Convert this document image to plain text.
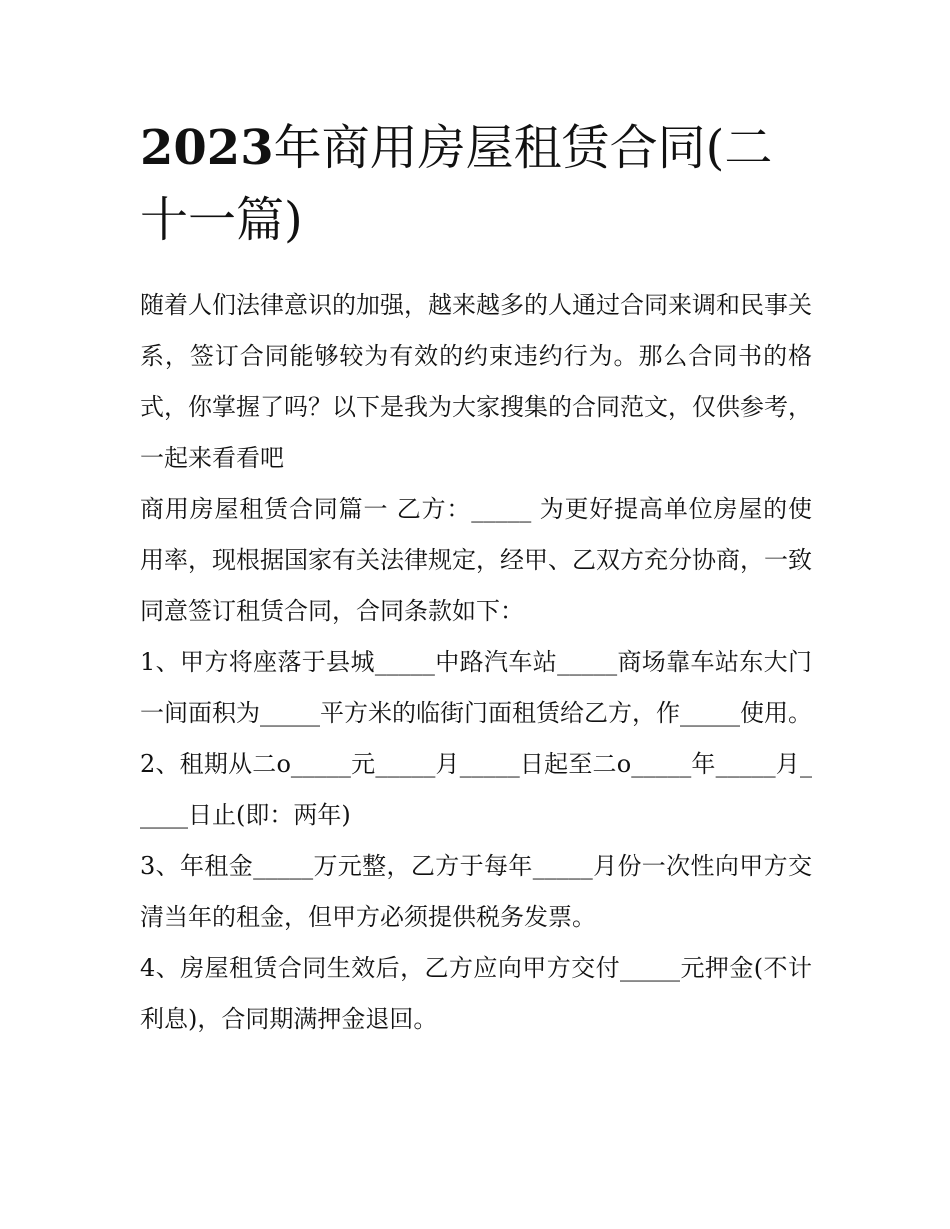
2023年商用房屋租赁合同(二十一篇)

随着人们法律意识的加强，越来越多的人通过合同来调和民事关系，签订合同能够较为有效的约束违约行为。那么合同书的格式，你掌握了吗？以下是我为大家搜集的合同范文，仅供参考，一起来看看吧

商用房屋租赁合同篇一 乙方：_____ 为更好提高单位房屋的使用率，现根据国家有关法律规定，经甲、乙双方充分协商，一致同意签订租赁合同，合同条款如下：

1、甲方将座落于县城_____中路汽车站_____商场靠车站东大门一间面积为_____平方米的临街门面租赁给乙方，作_____使用。

2、租期从二o_____元_____月_____日起至二o_____年_____月_____日止(即：两年)

3、年租金_____万元整，乙方于每年_____月份一次性向甲方交清当年的租金，但甲方必须提供税务发票。

4、房屋租赁合同生效后，乙方应向甲方交付_____元押金(不计利息)，合同期满押金退回。
